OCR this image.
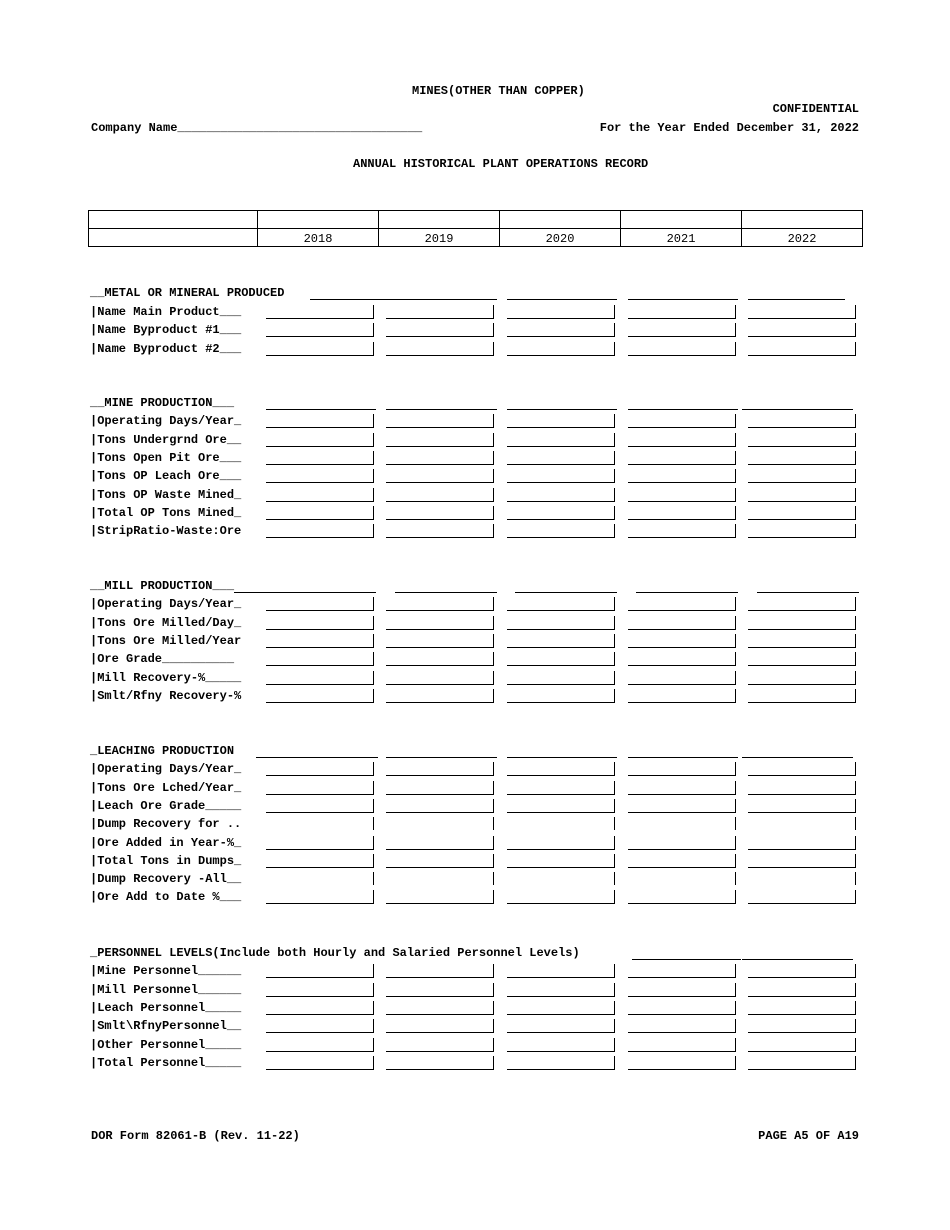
MINES(OTHER THAN COPPER)
CONFIDENTIAL
Company Name__________________________________	For the Year Ended December 31, 2022
ANNUAL HISTORICAL PLANT OPERATIONS RECORD

	2018	2019	2020	2021	2022
__METAL OR MINERAL PRODUCED
|Name Main Product___
|Name Byproduct #1___
|Name Byproduct #2___
__MINE PRODUCTION___
|Operating Days/Year_
|Tons Undergrnd Ore__
|Tons Open Pit Ore___
|Tons OP Leach Ore___
|Tons OP Waste Mined_
|Total OP Tons Mined_
|StripRatio-Waste:Ore
__MILL PRODUCTION___
|Operating Days/Year_
|Tons Ore Milled/Day_
|Tons Ore Milled/Year
|Ore Grade__________
|Mill Recovery-%_____
|Smlt/Rfny Recovery-%
_LEACHING PRODUCTION
|Operating Days/Year_
|Tons Ore Lched/Year_
|Leach Ore Grade_____
|Dump Recovery for ..
|Ore Added in Year-%_
|Total Tons in Dumps_
|Dump Recovery -All__
|Ore Add to Date %___
_PERSONNEL LEVELS(Include both Hourly and Salaried Personnel Levels)
|Mine Personnel______
|Mill Personnel______
|Leach Personnel_____
|Smlt\RfnyPersonnel__
|Other Personnel_____
|Total Personnel_____
DOR Form 82061-B (Rev. 11-22)	PAGE A5 OF A19
